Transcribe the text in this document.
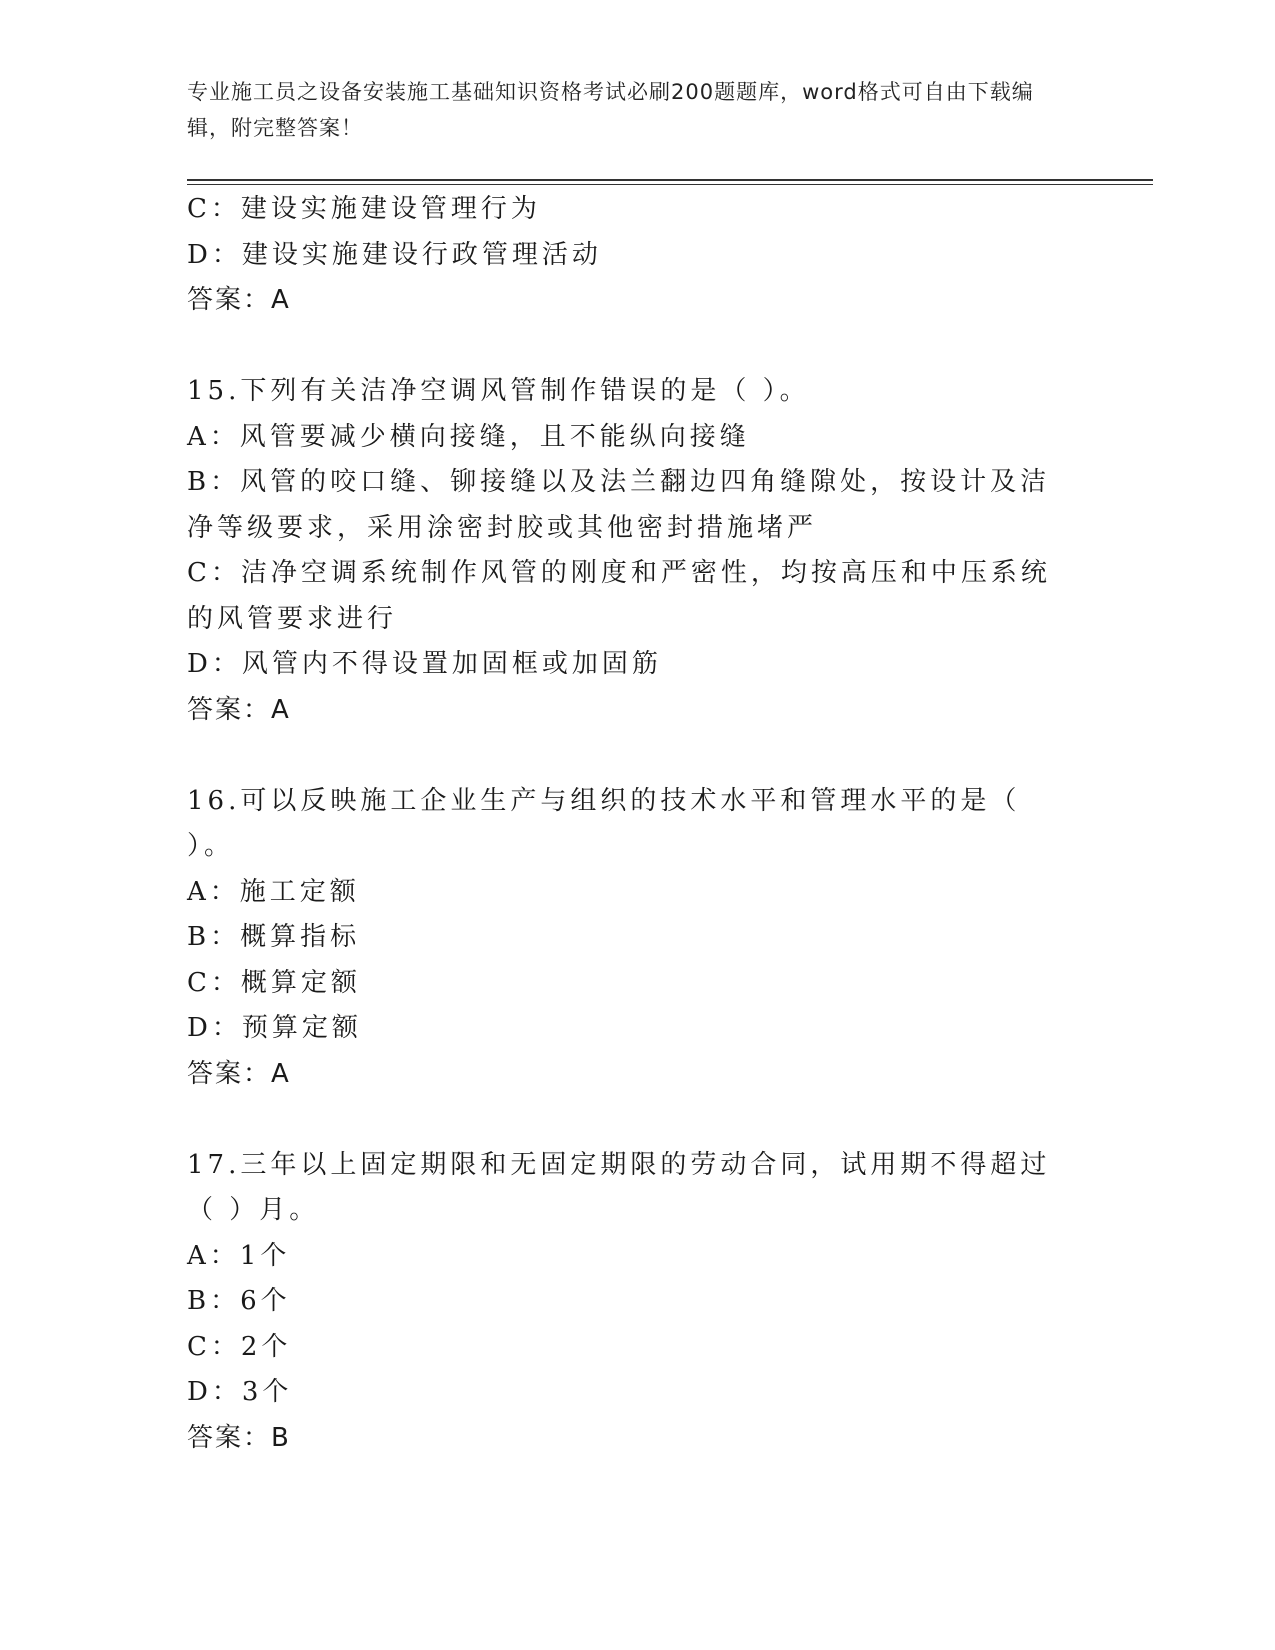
专业施工员之设备安装施工基础知识资格考试必刷200题题库，word格式可自由下载编辑，附完整答案！
C：建设实施建设管理行为
D：建设实施建设行政管理活动
答案：A
15.下列有关洁净空调风管制作错误的是（ ）。
A：风管要减少横向接缝，且不能纵向接缝
B：风管的咬口缝、铆接缝以及法兰翻边四角缝隙处，按设计及洁净等级要求，采用涂密封胶或其他密封措施堵严
C：洁净空调系统制作风管的刚度和严密性，均按高压和中压系统的风管要求进行
D：风管内不得设置加固框或加固筋
答案：A
16.可以反映施工企业生产与组织的技术水平和管理水平的是（ ）。
A：施工定额
B：概算指标
C：概算定额
D：预算定额
答案：A
17.三年以上固定期限和无固定期限的劳动合同，试用期不得超过（ ）月。
A：1个
B：6个
C：2个
D：3个
答案：B
